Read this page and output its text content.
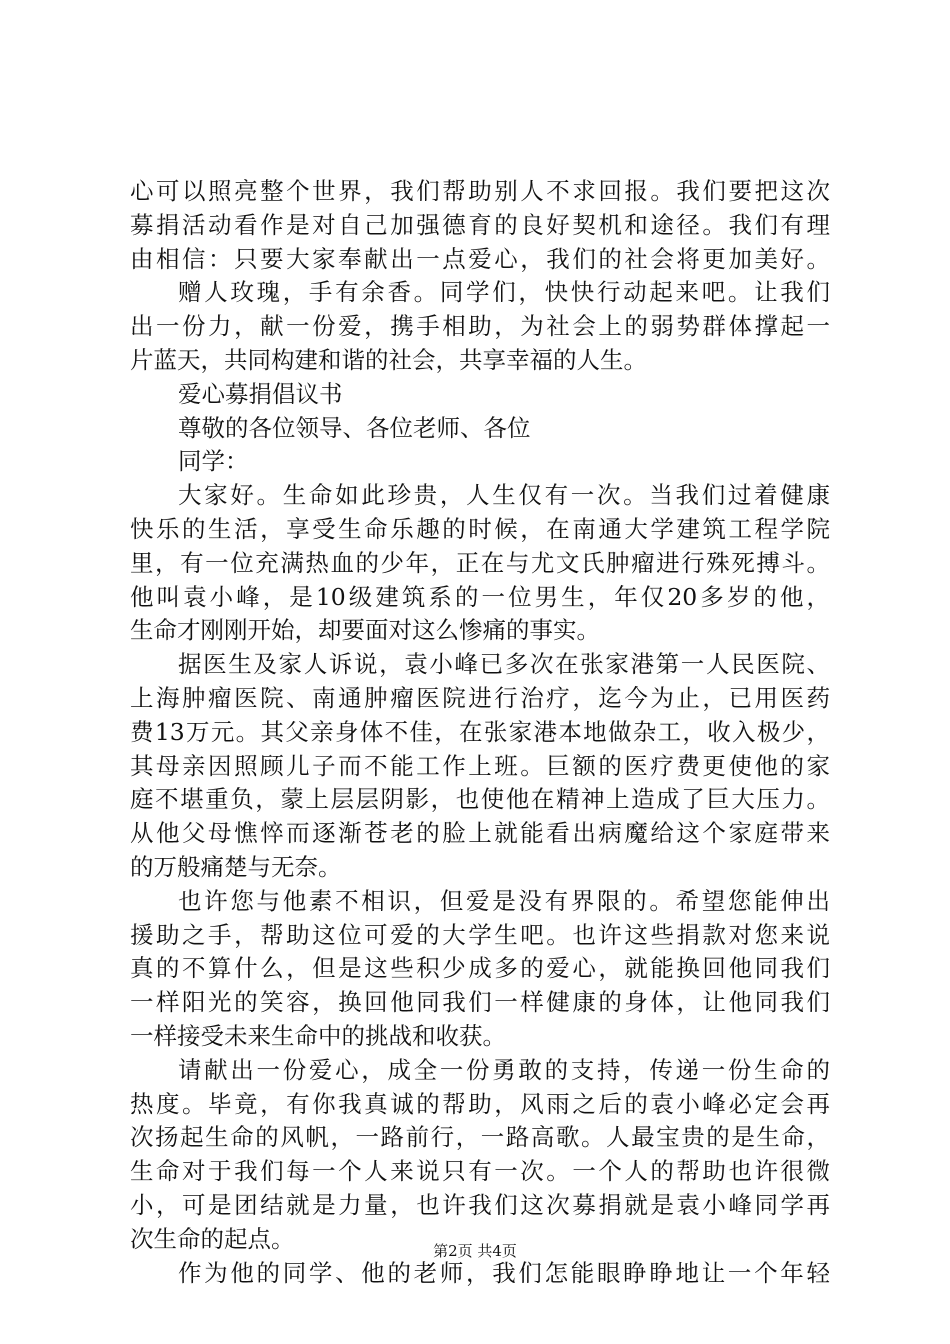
心可以照亮整个世界，我们帮助别人不求回报。我们要把这次
募捐活动看作是对自己加强德育的良好契机和途径。我们有理
由相信：只要大家奉献出一点爱心，我们的社会将更加美好。
赠人玫瑰，手有余香。同学们，快快行动起来吧。让我们
出一份力，献一份爱，携手相助，为社会上的弱势群体撑起一
片蓝天，共同构建和谐的社会，共享幸福的人生。
爱心募捐倡议书
尊敬的各位领导、各位老师、各位
同学：
大家好。生命如此珍贵，人生仅有一次。当我们过着健康
快乐的生活，享受生命乐趣的时候，在南通大学建筑工程学院
里，有一位充满热血的少年，正在与尤文氏肿瘤进行殊死搏斗。
他叫袁小峰，是10级建筑系的一位男生，年仅20多岁的他，
生命才刚刚开始，却要面对这么惨痛的事实。
据医生及家人诉说，袁小峰已多次在张家港第一人民医院、
上海肿瘤医院、南通肿瘤医院进行治疗，迄今为止，已用医药
费13万元。其父亲身体不佳，在张家港本地做杂工，收入极少，
其母亲因照顾儿子而不能工作上班。巨额的医疗费更使他的家
庭不堪重负，蒙上层层阴影，也使他在精神上造成了巨大压力。
从他父母憔悴而逐渐苍老的脸上就能看出病魔给这个家庭带来
的万般痛楚与无奈。
也许您与他素不相识，但爱是没有界限的。希望您能伸出
援助之手，帮助这位可爱的大学生吧。也许这些捐款对您来说
真的不算什么，但是这些积少成多的爱心，就能换回他同我们
一样阳光的笑容，换回他同我们一样健康的身体，让他同我们
一样接受未来生命中的挑战和收获。
请献出一份爱心，成全一份勇敢的支持，传递一份生命的
热度。毕竟，有你我真诚的帮助，风雨之后的袁小峰必定会再
次扬起生命的风帆，一路前行，一路高歌。人最宝贵的是生命，
生命对于我们每一个人来说只有一次。一个人的帮助也许很微
小，可是团结就是力量，也许我们这次募捐就是袁小峰同学再
次生命的起点。
作为他的同学、他的老师，我们怎能眼睁睁地让一个年轻
第2页 共4页
